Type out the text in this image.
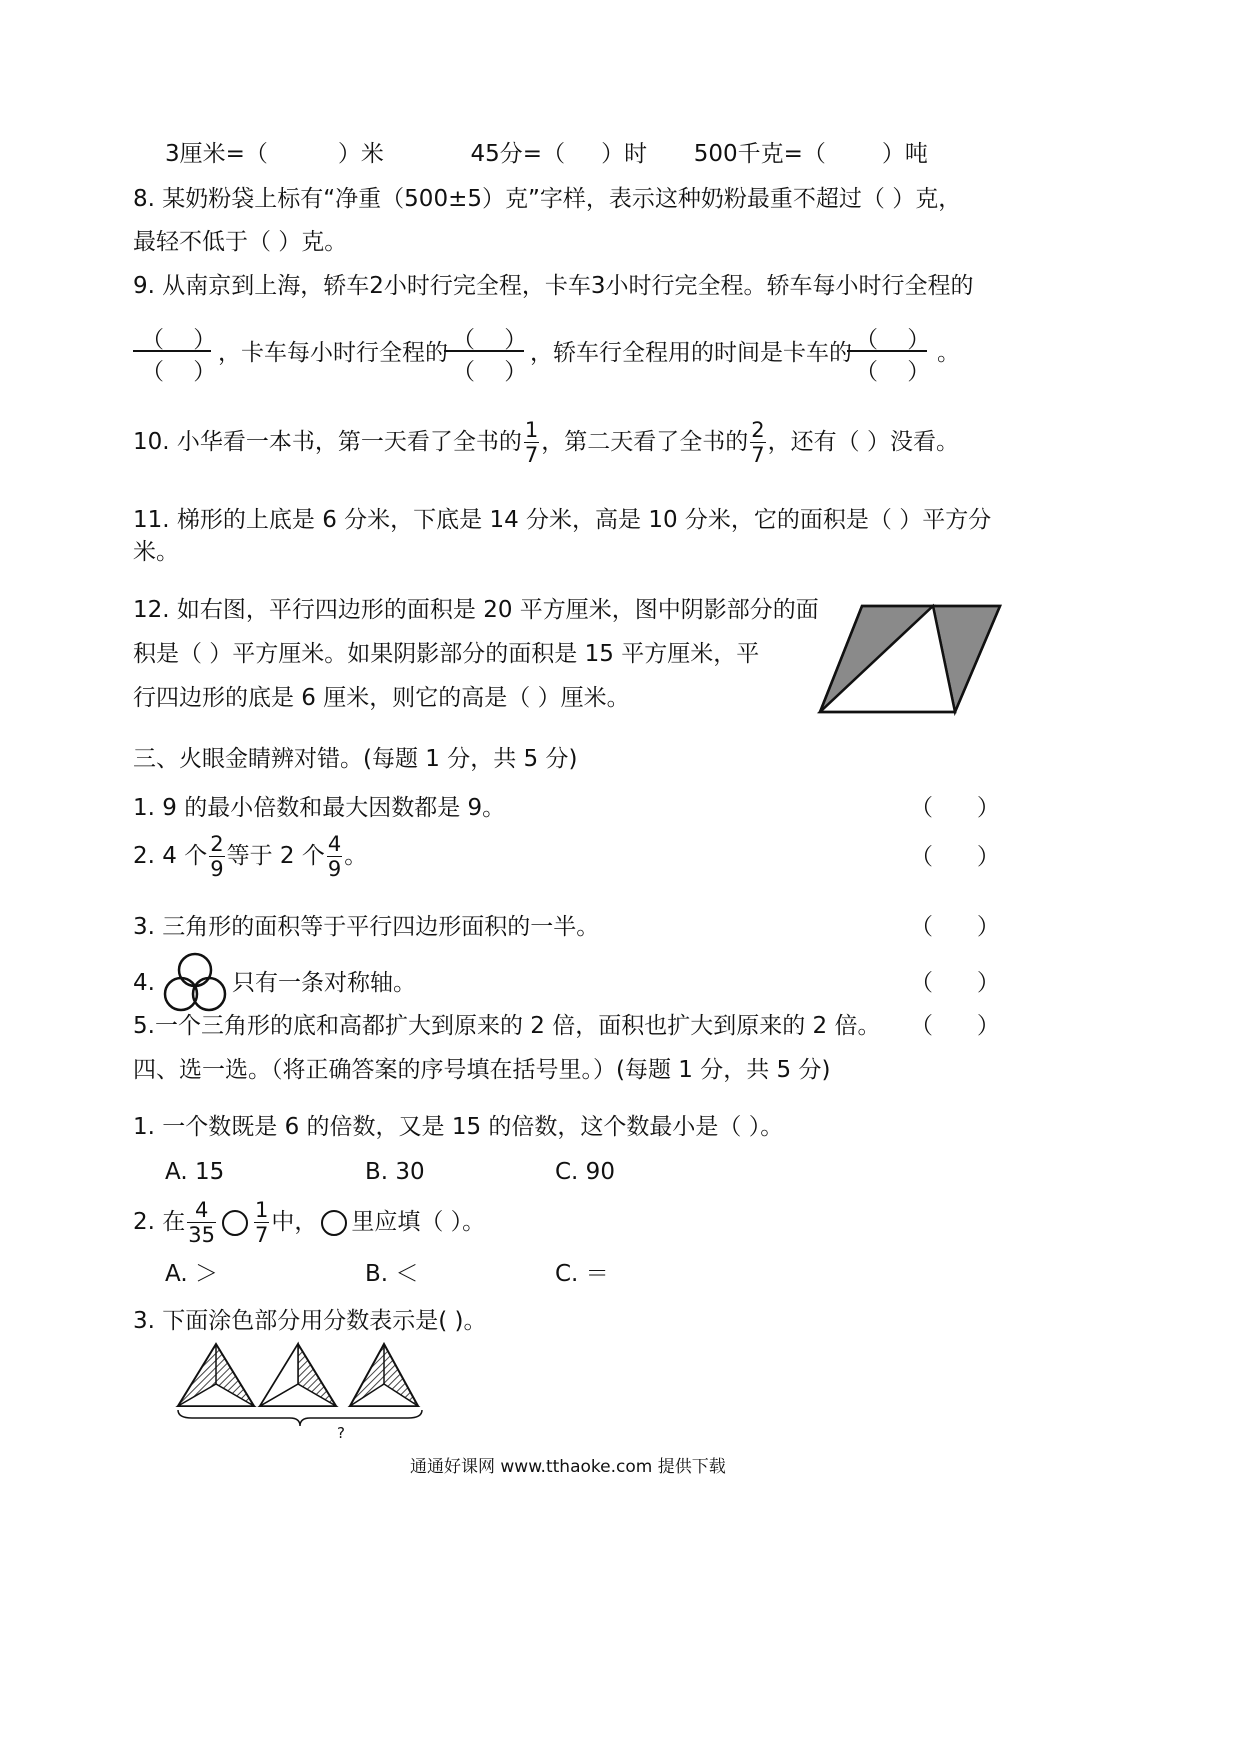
3厘米=（	）米	45分=（ ）时 500千克=（ ）吨
8. 某奶粉袋上标有“净重（500±5）克”字样，表示这种奶粉最重不超过（ ）克，
最轻不低于（ ）克。
9. 从南京到上海，轿车2小时行完全程，卡车3小时行完全程。轿车每小时行全程的
（    ）
（    ）
，卡车每小时行全程的 （    ）
（    ）
，轿车行全程用的时间是卡车的 （    ）
（    ）
。
10. 小华看一本书，第一天看了全书的 $\frac{1}{7}$ ，第二天看了全书的 $\frac{2}{7}$ ，还有（ ）没看。
11. 梯形的上底是 6 分米，下底是 14 分米，高是 10 分米，它的面积是（ ）平方分
米。
12. 如右图，平行四边形的面积是 20 平方厘米，图中阴影部分的面
积是（ ）平方厘米。如果阴影部分的面积是 15 平方厘米，平
行四边形的底是 6 厘米，则它的高是（ ）厘米。
三、火眼金睛辨对错。(每题 1 分，共 5 分)
1. 9 的最小倍数和最大因数都是 9。	（      ）
2. 4 个 $\frac{2}{9}$ 等于 2 个 $\frac{4}{9}$ 。	（      ）
3. 三角形的面积等于平行四边形面积的一半。	（      ）
4.	只有一条对称轴。	（      ）
5.一个三角形的底和高都扩大到原来的 2 倍，面积也扩大到原来的 2 倍。 （      ）
四、选一选。（将正确答案的序号填在括号里。）(每题 1 分，共 5 分)
1. 一个数既是 6 的倍数，又是 15 的倍数，这个数最小是（ ）。
A. 15	B. 30	C. 90
2. 在 $\frac{4}{35} \frac{1}{7}$ 中， 里应填（ ）。
A. ＞	B. ＜	C. ＝
3. 下面涂色部分用分数表示是( )。
?
通通好课网 www.tthaoke.com 提供下载
